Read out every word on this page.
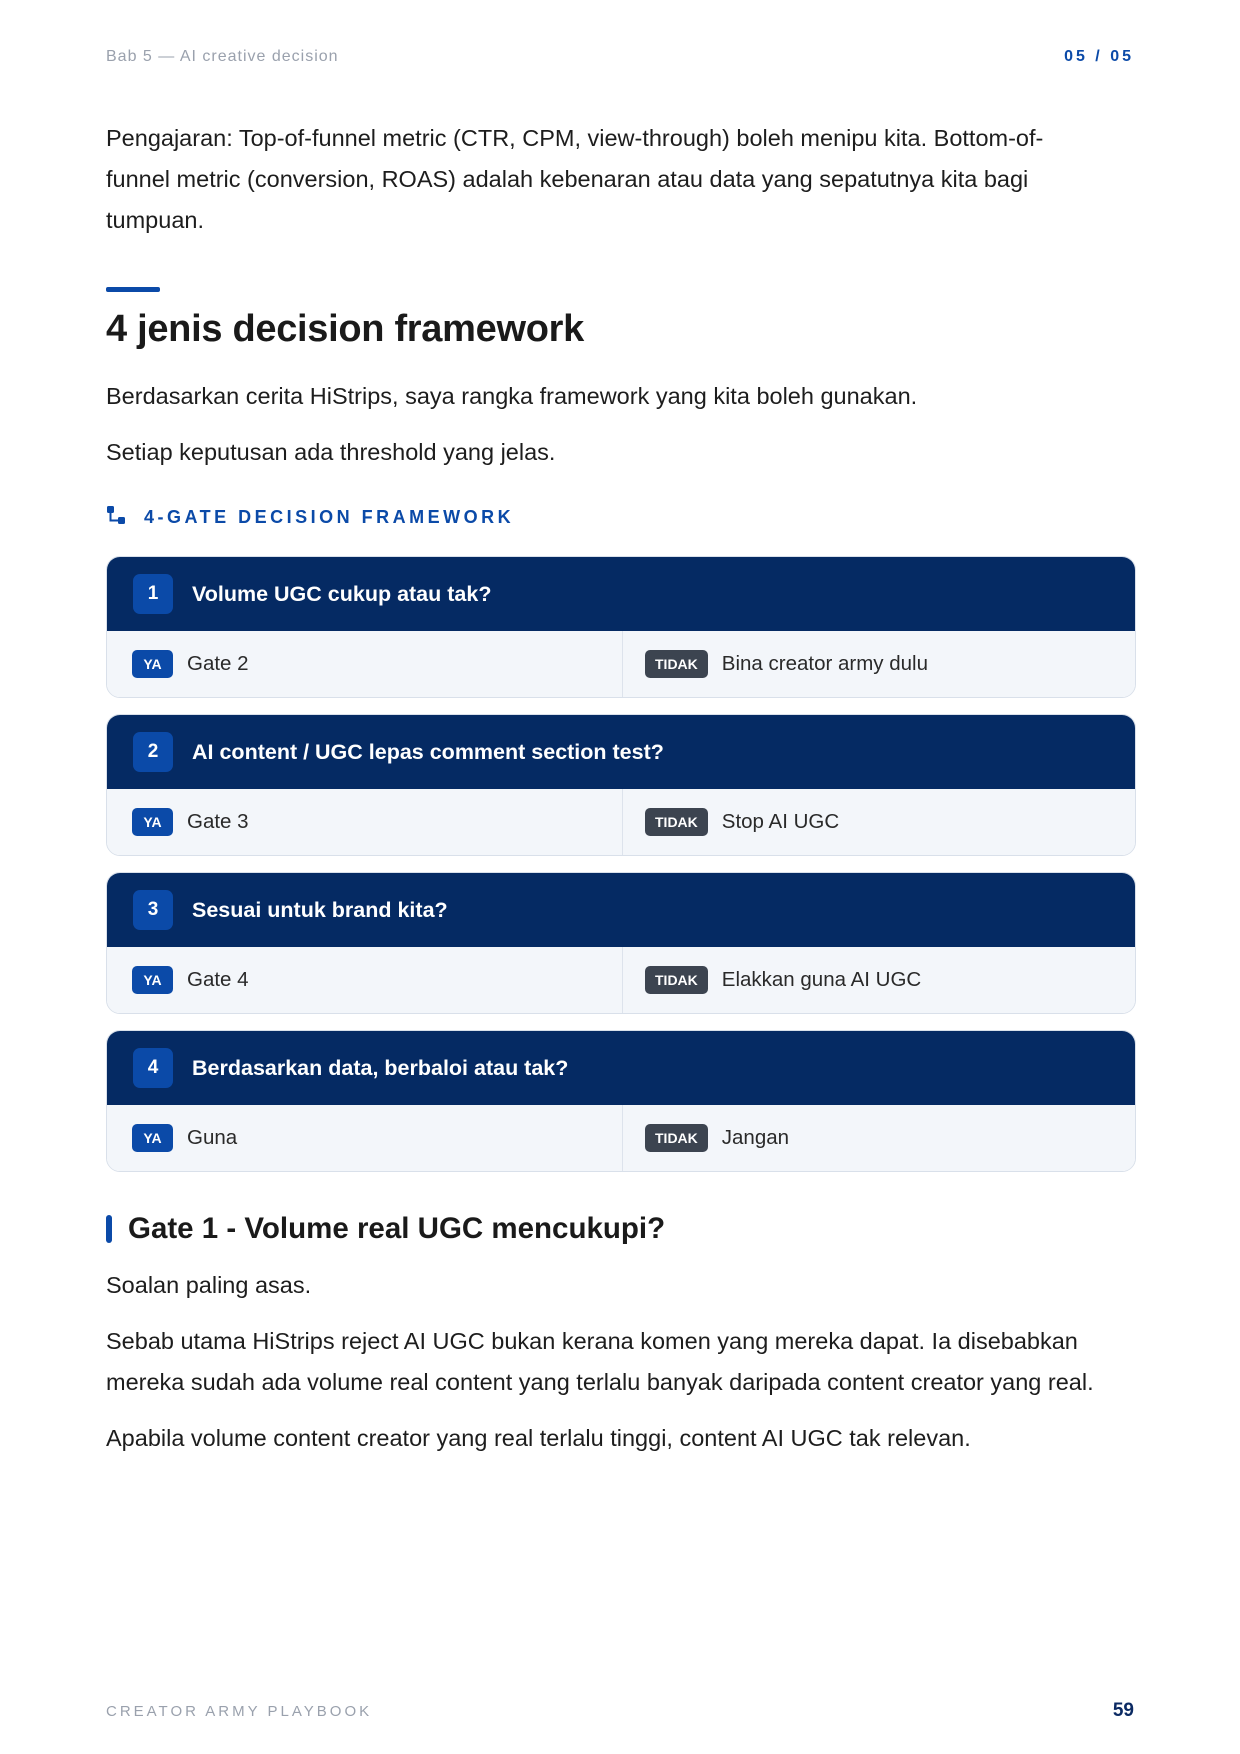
Bab 5 — AI creative decision	05 / 05

Pengajaran: Top-of-funnel metric (CTR, CPM, view-through) boleh menipu kita. Bottom-of-

funnel metric (conversion, ROAS) adalah kebenaran atau data yang sepatutnya kita bagi

tumpuan.

4 jenis decision framework

Berdasarkan cerita HiStrips, saya rangka framework yang kita boleh gunakan.

Setiap keputusan ada threshold yang jelas.

4-GATE DECISION FRAMEWORK
1	Volume UGC cukup atau tak?
YA	Gate 2	TIDAK	Bina creator army dulu
2	AI content / UGC lepas comment section test?
YA	Gate 3	TIDAK	Stop AI UGC
3	Sesuai untuk brand kita?
YA	Gate 4	TIDAK	Elakkan guna AI UGC
4	Berdasarkan data, berbaloi atau tak?
YA	Guna	TIDAK	Jangan
Gate 1 - Volume real UGC mencukupi?

Soalan paling asas.

Sebab utama HiStrips reject AI UGC bukan kerana komen yang mereka dapat. Ia disebabkan

mereka sudah ada volume real content yang terlalu banyak daripada content creator yang real.

Apabila volume content creator yang real terlalu tinggi, content AI UGC tak relevan.

CREATOR ARMY PLAYBOOK	59
